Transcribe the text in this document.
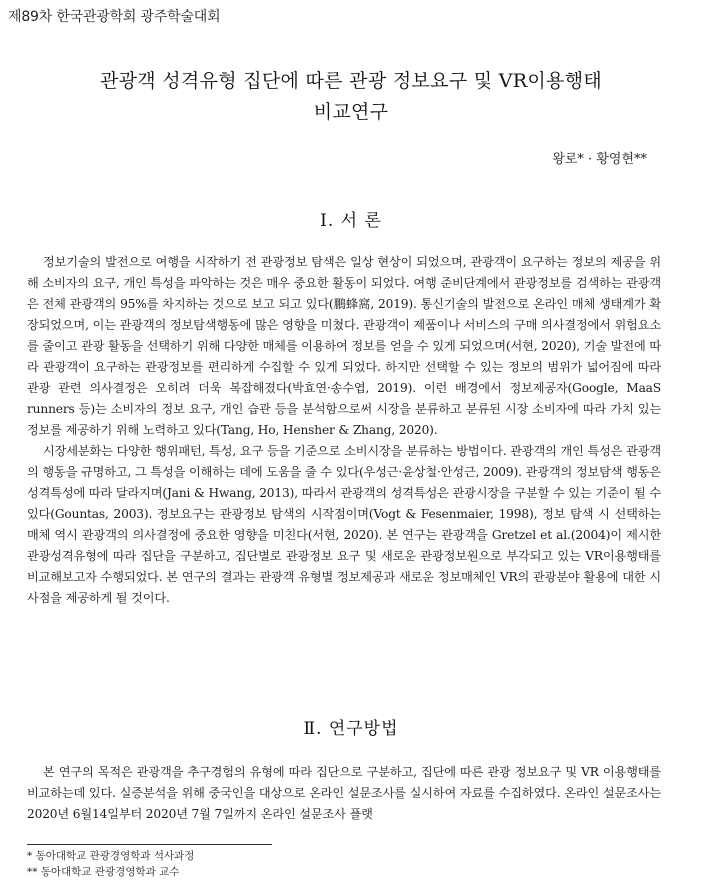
제89차 한국관광학회 광주학술대회
관광객 성격유형 집단에 따른 관광 정보요구 및 VR이용행태
비교연구
왕로* · 황영현**
Ⅰ. 서 론

정보기술의 발전으로 여행을 시작하기 전 관광정보 탐색은 일상 현상이 되었으며, 관광객이 요구하는 정보의 제공을 위해 소비자의 요구, 개인 특성을 파악하는 것은 매우 중요한 활동이 되었다. 여행 준비단계에서 관광정보를 검색하는 관광객은 전체 관광객의 95%를 차지하는 것으로 보고 되고 있다(鵬蜂窩, 2019). 통신기술의 발전으로 온라인 매체 생태계가 확장되었으며, 이는 관광객의 정보탐색행동에 많은 영향을 미쳤다. 관광객이 제품이나 서비스의 구매 의사결정에서 위험요소를 줄이고 관광 활동을 선택하기 위해 다양한 매체를 이용하여 정보를 얻을 수 있게 되었으며(서현, 2020), 기술 발전에 따라 관광객이 요구하는 관광정보를 편리하게 수집할 수 있게 되었다. 하지만 선택할 수 있는 정보의 범위가 넓어짐에 따라 관광 관련 의사결정은 오히려 더욱 복잡해졌다(박효연·송수엽, 2019). 이런 배경에서 정보제공자(Google, MaaS runners 등)는 소비자의 정보 요구, 개인 습관 등을 분석함으로써 시장을 분류하고 분류된 시장 소비자에 따라 가치 있는 정보를 제공하기 위해 노력하고 있다(Tang, Ho, Hensher & Zhang, 2020).

시장세분화는 다양한 행위패턴, 특성, 요구 등을 기준으로 소비시장을 분류하는 방법이다. 관광객의 개인 특성은 관광객의 행동을 규명하고, 그 특성을 이해하는 데에 도움을 줄 수 있다(우성근·윤상철·안성근, 2009). 관광객의 정보탐색 행동은 성격특성에 따라 달라지며(Jani & Hwang, 2013), 따라서 관광객의 성격특성은 관광시장을 구분할 수 있는 기준이 될 수 있다(Gountas, 2003). 정보요구는 관광정보 탐색의 시작점이며(Vogt & Fesenmaier, 1998), 정보 탐색 시 선택하는 매체 역시 관광객의 의사결정에 중요한 영향을 미친다(서현, 2020). 본 연구는 관광객을 Gretzel et al.(2004)이 제시한 관광성격유형에 따라 집단을 구분하고, 집단별로 관광정보 요구 및 새로운 관광정보원으로 부각되고 있는 VR이용행태를 비교해보고자 수행되었다. 본 연구의 결과는 관광객 유형별 정보제공과 새로운 정보매체인 VR의 관광분야 활용에 대한 시사점을 제공하게 될 것이다.

Ⅱ. 연구방법

본 연구의 목적은 관광객을 추구경험의 유형에 따라 집단으로 구분하고, 집단에 따른 관광 정보요구 및 VR 이용행태를 비교하는데 있다. 실증분석을 위해 중국인을 대상으로 온라인 설문조사를 실시하여 자료를 수집하였다. 온라인 설문조사는 2020년 6월14일부터 2020년 7월 7일까지 온라인 설문조사 플랫

* 동아대학교 관광경영학과 석사과정
** 동아대학교 관광경영학과 교수
